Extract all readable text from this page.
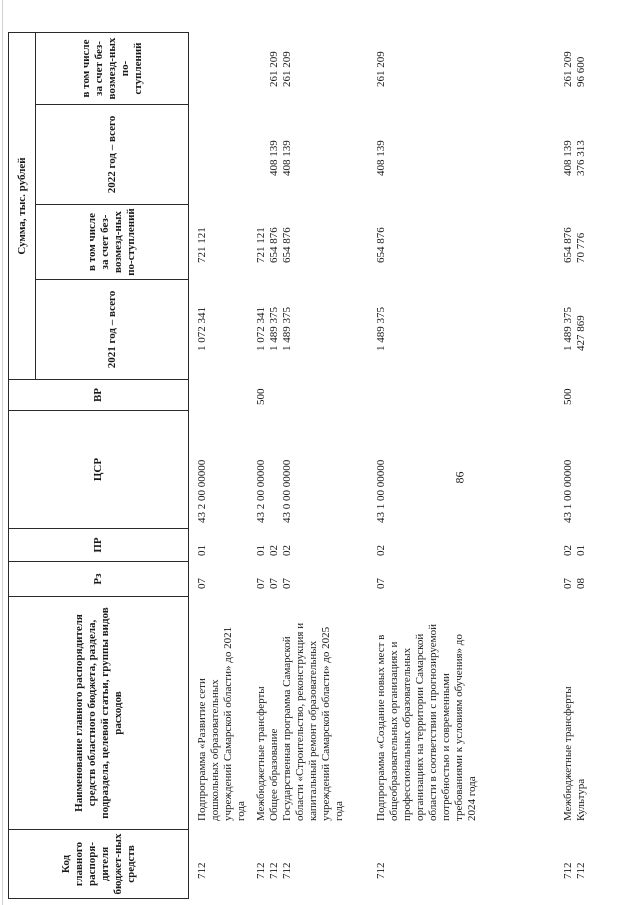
86
Код главного распоря-дителя бюджет-ных средств
Наименование главного распорядителя средств областного бюджета, раздела, подраздела, целевой статьи, группы видов расходов
Рз
ПР
ЦСР
ВР
Сумма, тыс. рублей
2021 год – всего
в том числе за счет без-возмезд-ных по-ступлений
2022 год – всего
в том числе за счет без-возмезд-ных по-ступлений
712
Подпрограмма «Развитие сети дошкольных образовательных учреждений Самарской области» до 2021 года
07
01
43 2 00 00000
1 072 341
721 121
712
Межбюджетные трансферты
07
01
43 2 00 00000
500
1 072 341
721 121
712
Общее образование
07
02
1 489 375
654 876
408 139
261 209
712
Государственная программа Самарской области «Строительство, реконструкция и капитальный ремонт образовательных учреждений Самарской области» до 2025 года
07
02
43 0 00 00000
1 489 375
654 876
408 139
261 209
712
Подпрограмма «Создание новых мест в общеобразовательных организациях и профессиональных образовательных организациях на территории Самарской области в соответствии с прогнозируемой потребностью и современными требованиями к условиям обучения» до 2024 года
07
02
43 1 00 00000
1 489 375
654 876
408 139
261 209
712
Межбюджетные трансферты
07
02
43 1 00 00000
500
1 489 375
654 876
408 139
261 209
712
Культура
08
01
427 869
70 776
376 313
96 600
